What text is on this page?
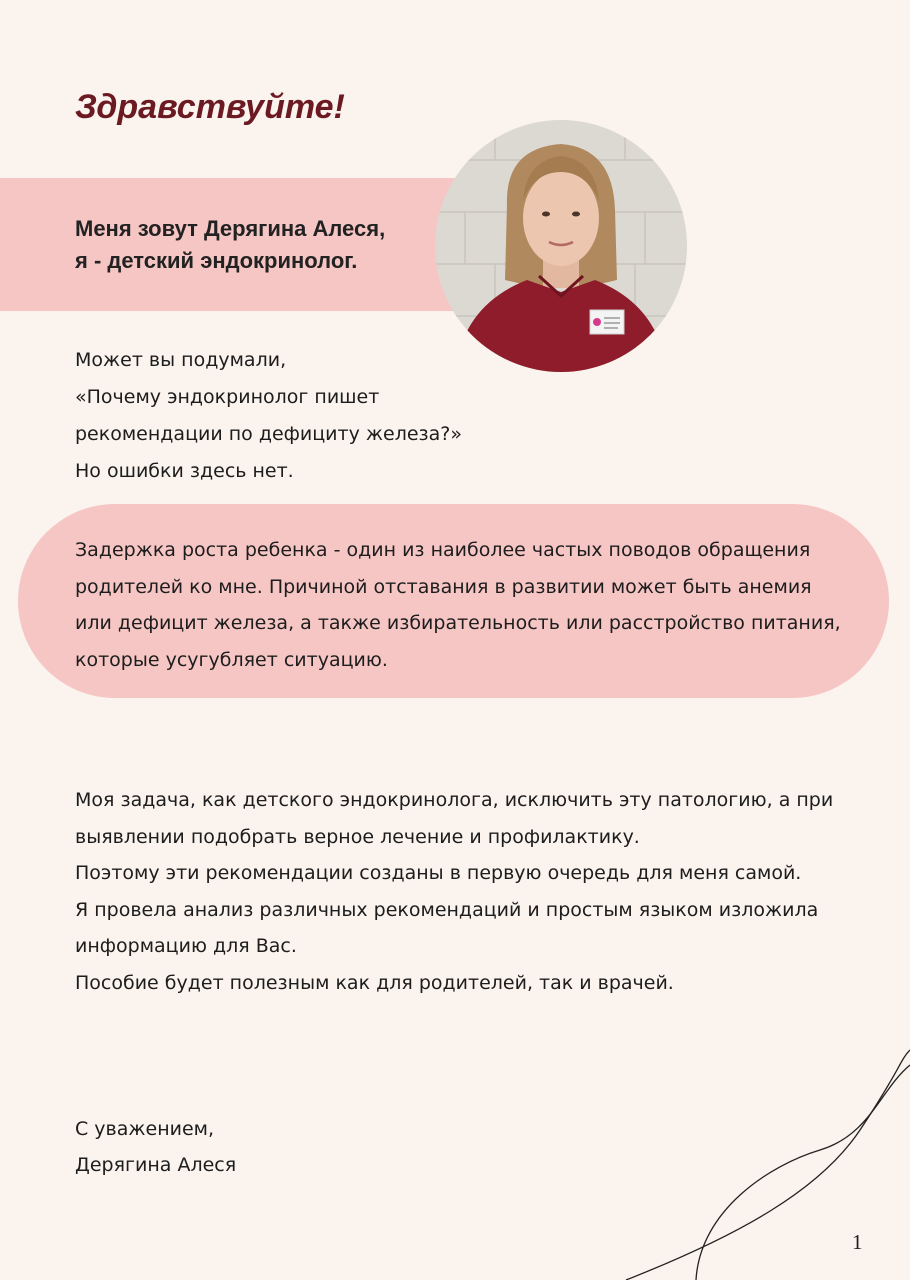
Здравствуйте!
Меня зовут Дерягина Алеся,
я - детский эндокринолог.
Может вы подумали,
«Почему эндокринолог пишет
рекомендации по дефициту железа?»
Но ошибки здесь нет.
Задержка роста ребенка - один из наиболее частых поводов обращения
родителей ко мне. Причиной отставания в развитии может быть анемия
или дефицит железа, а также избирательность или расстройство питания,
которые усугубляет ситуацию.
Моя задача, как детского эндокринолога, исключить эту патологию, а при
выявлении подобрать верное лечение и профилактику.
Поэтому эти рекомендации созданы в первую очередь для меня самой.
Я провела анализ различных рекомендаций и простым языком изложила
информацию для Вас.
Пособие будет полезным как для родителей, так и врачей.
С уважением,
Дерягина Алеся
1
